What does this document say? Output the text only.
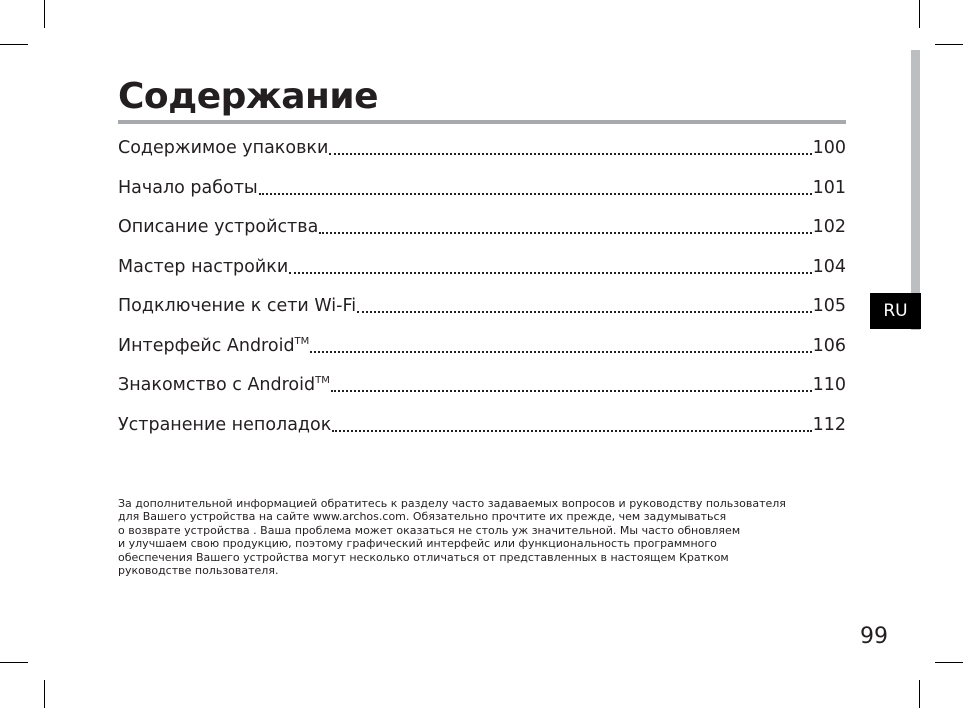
Содержание
Содержимое упаковки	100
Начало работы	101
Описание устройства	102
Мастер настройки	104
Подключение к сети Wi-Fi	105
Интерфейс Android™	106
Знакомство с Android™	110
Устранение неполадок	112
За дополнительной информацией обратитесь к разделу часто задаваемых вопросов и руководству пользователя
для Вашего устройства на сайте www.archos.com. Обязательно прочтите их прежде, чем задумываться
о возврате устройства . Ваша проблема может оказаться не столь уж значительной. Мы часто обновляем
и улучшаем свою продукцию, поэтому графический интерфейс или функциональность программного
обеспечения Вашего устройства могут несколько отличаться от представленных в настоящем Кратком
руководстве пользователя.
RU
99
